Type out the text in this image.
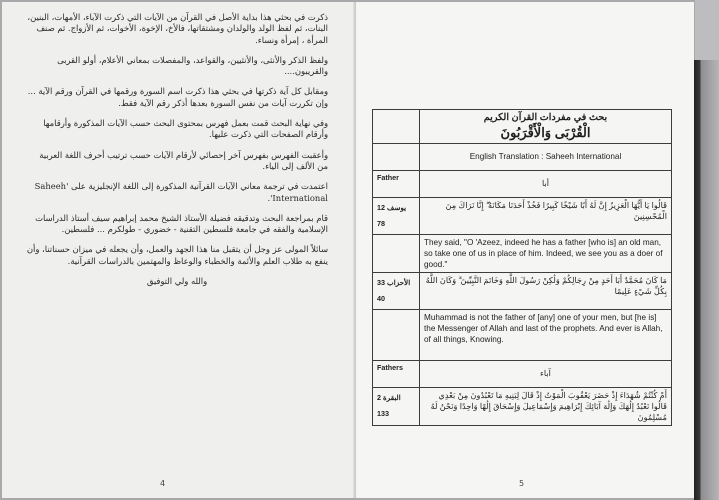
ذكرت في بحثي هذا بداية الأصل في القرآن من الآيات التي ذكرت الآباء، الأمهات، البنين، البنات، ثم لفظ الولد والولدان ومشتقاتها، فالأخ، الإخوة، الأخوات، ثم الأزواج. ثم صنف المرأة ، إمرأة ونساء.

ولفظ الذكر والأنثى، والأنثيين، والقواعد، والمفصلات بمعاني الأعلام، أولو القربى والقريبون....

ومقابل كل آية ذكرتها في بحثي هذا ذكرت اسم السورة ورقمها في القرآن ورقم الآية ... وإن تكررت آيات من نفس السورة بعدها أذكر رقم الآية فقط.

وفي نهاية البحث قمت بعمل فهرس بمحتوى البحث حسب الآيات المذكورة وأرقامها وأرقام الصفحات التي ذكرت عليها.

وأعقبت الفهرس بفهرس آخر إحصائي لأرقام الآيات حسب ترتيب أحرف اللغة العربية من الألف إلى الياء.

اعتمدت في ترجمة معاني الآيات القرآنية المذكورة إلى اللغة الإنجليزية على 'Saheeh International'.

قام بمراجعة البحث وتدقيقه فضيلة الأستاذ الشيخ محمد إبراهيم سيف أستاذ الدراسات الإسلامية والفقه في جامعة فلسطين التقنية - خضوري - طولكرم ... فلسطين.

سائلاً المولى عز وجل أن يتقبل منا هذا الجهد والعمل، وأن يجعله في ميزان حسناتنا، وأن ينفع به طلاب العلم والأئمة والخطباء والوعاظ والمهتمين بالدراسات القرآنية.

والله ولي التوفيق

4

	بحث في مفردات القرآن الكريم
الْقُرْبَى وَالْأَقْرَبُونَ

	English Translation : Saheeh International
Father	أبا

12 يوسف
78	قَالُوا يَا أَيُّهَا الْعَزِيزُ إِنَّ لَهُ أَبًا شَيْخًا كَبِيرًا فَخُذْ أَحَدَنَا مَكَانَهُ ۖ إِنَّا نَرَاكَ مِنَ الْمُحْسِنِينَ
	They said, "O 'Azeez, indeed he has a father [who is] an old man, so take one of us in place of him. Indeed, we see you as a doer of good."

33 الأحزاب
40	مَا كَانَ مُحَمَّدٌ أَبَا أَحَدٍ مِنْ رِجَالِكُمْ وَلَٰكِنْ رَسُولَ اللَّهِ وَخَاتَمَ النَّبِيِّينَ ۗ وَكَانَ اللَّهُ بِكُلِّ شَيْءٍ عَلِيمًا
	Muhammad is not the father of [any] one of your men, but [he is] the Messenger of Allah and last of the prophets. And ever is Allah, of all things, Knowing.
Fathers	آباء

2 البقرة
133	أَمْ كُنْتُمْ شُهَدَاءَ إِذْ حَضَرَ يَعْقُوبَ الْمَوْتُ إِذْ قَالَ لِبَنِيهِ مَا تَعْبُدُونَ مِنْ بَعْدِي قَالُوا نَعْبُدُ إِلَٰهَكَ وَإِلَٰهَ آبَائِكَ إِبْرَاهِيمَ وَإِسْمَاعِيلَ وَإِسْحَاقَ إِلَٰهًا وَاحِدًا وَنَحْنُ لَهُ مُسْلِمُونَ
5
